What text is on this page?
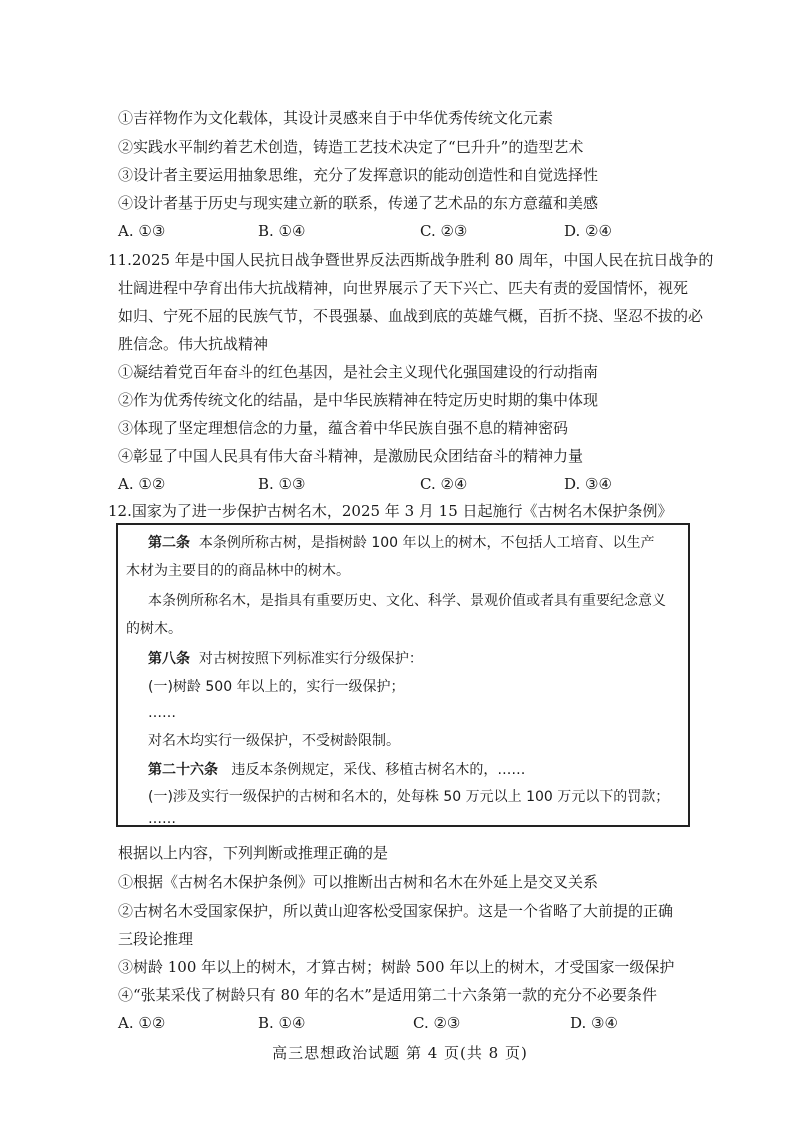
①吉祥物作为文化载体，其设计灵感来自于中华优秀传统文化元素
②实践水平制约着艺术创造，铸造工艺技术决定了“巳升升”的造型艺术
③设计者主要运用抽象思维，充分了发挥意识的能动创造性和自觉选择性
④设计者基于历史与现实建立新的联系，传递了艺术品的东方意蕴和美感
A. ①③	B. ①④	C. ②③	D. ②④
11.2025 年是中国人民抗日战争暨世界反法西斯战争胜利 80 周年，中国人民在抗日战争的
壮阔进程中孕育出伟大抗战精神，向世界展示了天下兴亡、匹夫有责的爱国情怀，视死
如归、宁死不屈的民族气节，不畏强暴、血战到底的英雄气概，百折不挠、坚忍不拔的必
胜信念。伟大抗战精神
①凝结着党百年奋斗的红色基因，是社会主义现代化强国建设的行动指南
②作为优秀传统文化的结晶，是中华民族精神在特定历史时期的集中体现
③体现了坚定理想信念的力量，蕴含着中华民族自强不息的精神密码
④彰显了中国人民具有伟大奋斗精神，是激励民众团结奋斗的精神力量
A. ①②	B. ①③	C. ②④	D. ③④
12.国家为了进一步保护古树名木，2025 年 3 月 15 日起施行《古树名木保护条例》
第二条 本条例所称古树，是指树龄 100 年以上的树木，不包括人工培育、以生产
木材为主要目的的商品林中的树木。
本条例所称名木，是指具有重要历史、文化、科学、景观价值或者具有重要纪念意义
的树木。
第八条 对古树按照下列标准实行分级保护：
(一)树龄 500 年以上的，实行一级保护；
……
对名木均实行一级保护，不受树龄限制。
第二十六条 违反本条例规定，采伐、移植古树名木的，……
(一)涉及实行一级保护的古树和名木的，处每株 50 万元以上 100 万元以下的罚款；
……
根据以上内容，下列判断或推理正确的是
①根据《古树名木保护条例》可以推断出古树和名木在外延上是交叉关系
②古树名木受国家保护，所以黄山迎客松受国家保护。这是一个省略了大前提的正确
三段论推理
③树龄 100 年以上的树木，才算古树；树龄 500 年以上的树木，才受国家一级保护
④“张某采伐了树龄只有 80 年的名木”是适用第二十六条第一款的充分不必要条件
A. ①②	B. ①④	C. ②③	D. ③④
高三思想政治试题 第 4 页(共 8 页)
